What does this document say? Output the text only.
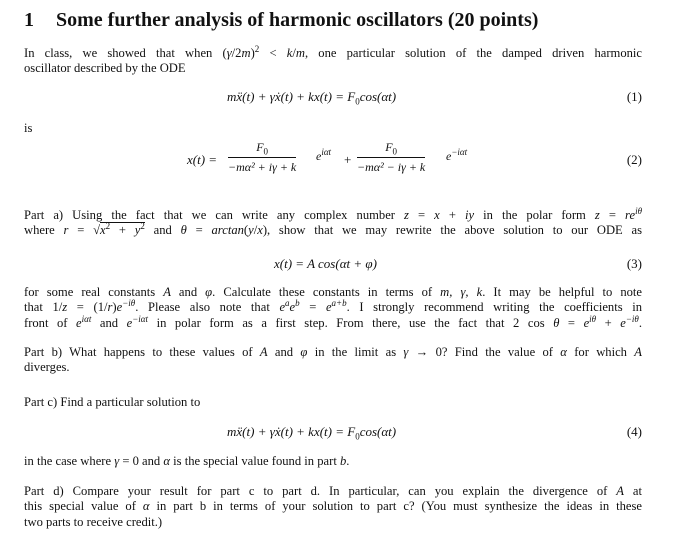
1 Some further analysis of harmonic oscillators (20 points)
In class, we showed that when $(\gamma/2m)^2 < k/m$, one particular solution of the damped driven harmonic
oscillator described by the ODE
mẍ(t) + γẋ(t) + $kx(t) = F_0\cos(\alpha t)$	(1)
is
$x(t) = \frac{F_0}{\text{−mα² + iγ + k}} e^{i\alpha t} + \frac{F_0}{\text{−mα² − iγ + k}} e^{-i\alpha t}$	(2)
Part a) Using the fact that we can write any complex number z = x + iy in the polar form $z = re^{i\theta}$
where $r = √x^2 + y^2$ and θ = arctan(y/x), show that we may rewrite the above solution to our ODE as
x(t) = A cos(αt + φ)	(3)
for some real constants A and φ. Calculate these constants in terms of m, γ, k. It may be helpful to note
that $1/z = (1/r)e^{-i\theta}$. Please also note that $e^ae^b = e^{a+b}$. I strongly recommend writing the coefficients in
front of $e^{i\alpha t}$ and $e^{-i\alpha t}$ in polar form as a first step. From there, use the fact that 2 $\cos \theta = e^{i\theta} + e^{-i\theta}$.
Part b) What happens to these values of A and φ in the limit as γ → 0? Find the value of α for which A
diverges.
Part c) Find a particular solution to
mẍ(t) + γẋ(t) + $kx(t) = F_0\cos(\alpha t)$	(4)
in the case where γ = 0 and α is the special value found in part b.
Part d) Compare your result for part c to part d. In particular, can you explain the divergence of A at
this special value of α in part b in terms of your solution to part c? (You must synthesize the ideas in these
two parts to receive credit.)
